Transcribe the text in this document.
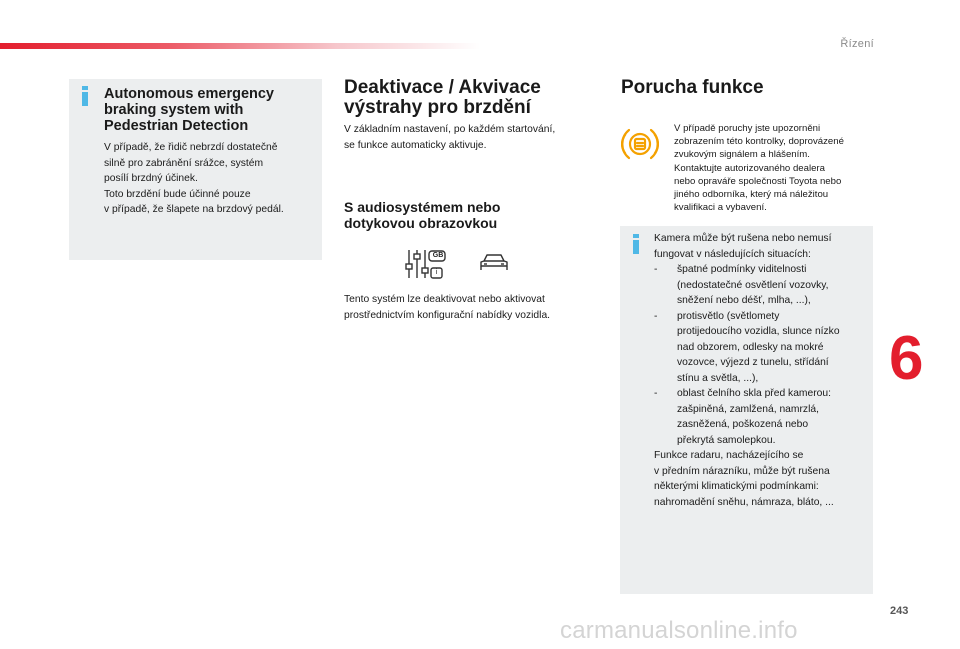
Řízení
Autonomous emergency
braking system with
Pedestrian Detection

V případě, že řidič nebrzdí dostatečně
silně pro zabránění srážce, systém
posílí brzdný účinek.
Toto brzdění bude účinné pouze
v případě, že šlapete na brzdový pedál.

Deaktivace / Akvivace
výstrahy pro brzdění

V základním nastavení, po každém startování,
se funkce automaticky aktivuje.

S audiosystémem nebo
dotykovou obrazovkou
GB
i

Tento systém lze deaktivovat nebo aktivovat
prostřednictvím konfigurační nabídky vozidla.

Porucha funkce

V případě poruchy jste upozorněni
zobrazením této kontrolky, doprovázené
zvukovým signálem a hlášením.
Kontaktujte autorizovaného dealera
nebo opraváře společnosti Toyota nebo
jiného odborníka, který má náležitou
kvalifikaci a vybavení.

Kamera může být rušena nebo nemusí
fungovat v následujících situacích:
- špatné podmínky viditelnosti
(nedostatečné osvětlení vozovky,
sněžení nebo déšť, mlha, ...),
- protisvětlo (světlomety
protijedoucího vozidla, slunce nízko
nad obzorem, odlesky na mokré
vozovce, výjezd z tunelu, střídání
stínu a světla, ...),
- oblast čelního skla před kamerou:
zašpiněná, zamlžená, namrzlá,
zasněžená, poškozená nebo
překrytá samolepkou.
Funkce radaru, nacházejícího se
v předním nárazníku, může být rušena
některými klimatickými podmínkami:
nahromadění sněhu, námraza, bláto, ...
6
243
carmanualsonline.info
